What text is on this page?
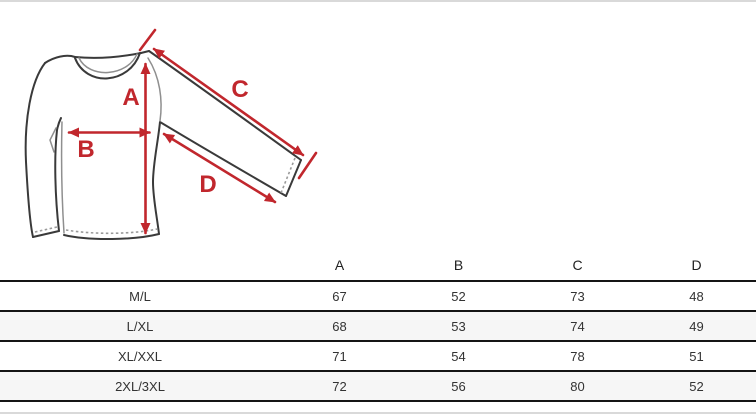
A
B
C
D
	A	B	C	D
M/L	67	52	73	48
L/XL	68	53	74	49
XL/XXL	71	54	78	51
2XL/3XL	72	56	80	52
